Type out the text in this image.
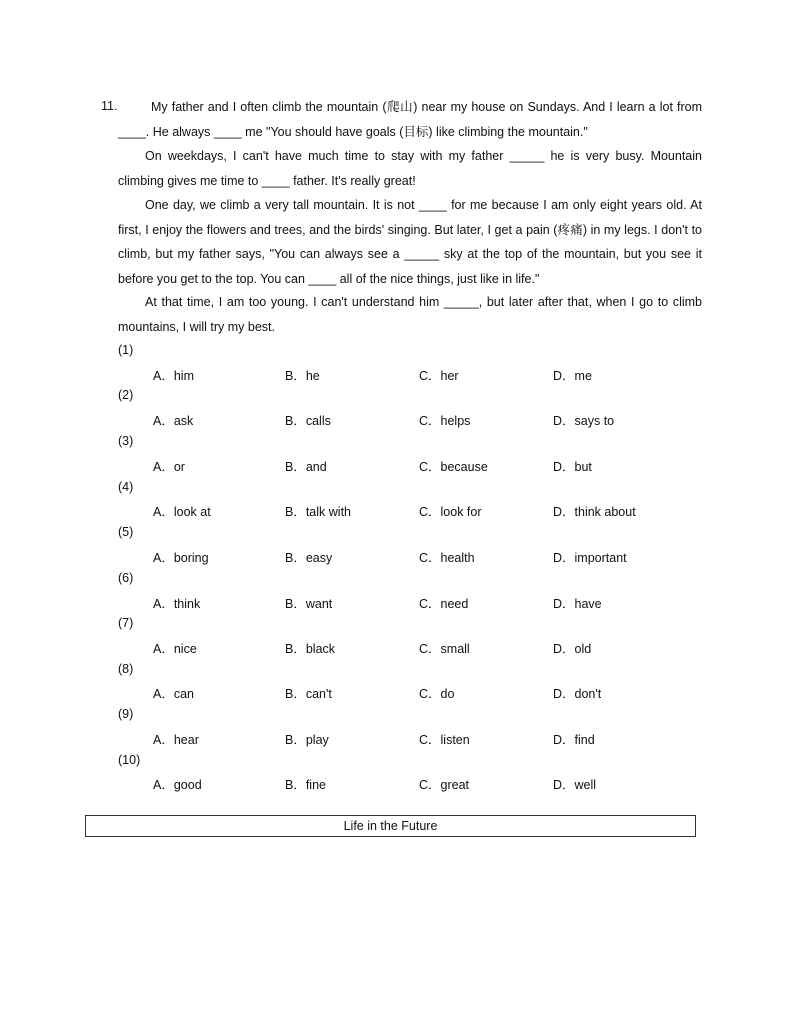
11.	My father and I often climb the mountain (爬山) near my house on Sundays. And I learn a lot from ____. He always ____ me "You should have goals (目标) like climbing the mountain."
On weekdays, I can't have much time to stay with my father _____ he is very busy. Mountain climbing gives me time to ____ father. It's really great!
One day, we climb a very tall mountain. It is not ____ for me because I am only eight years old. At first, I enjoy the flowers and trees, and the birds' singing. But later, I get a pain (疼痛) in my legs. I don't to climb, but my father says, "You can always see a _____ sky at the top of the mountain, but you see it before you get to the top. You can ____ all of the nice things, just like in life."
At that time, I am too young. I can't understand him _____, but later after that, when I go to climb mountains, I will try my best.
(1)
A．him	B．he	C．her	D．me
(2)
A．ask	B．calls	C．helps	D．says to
(3)
A．or	B．and	C．because	D．but
(4)
A．look at	B．talk with	C．look for	D．think about
(5)
A．boring	B．easy	C．health	D．important
(6)
A．think	B．want	C．need	D．have
(7)
A．nice	B．black	C．small	D．old
(8)
A．can	B．can't	C．do	D．don't
(9)
A．hear	B．play	C．listen	D．find
(10)
A．good	B．fine	C．great	D．well
Life in the Future
